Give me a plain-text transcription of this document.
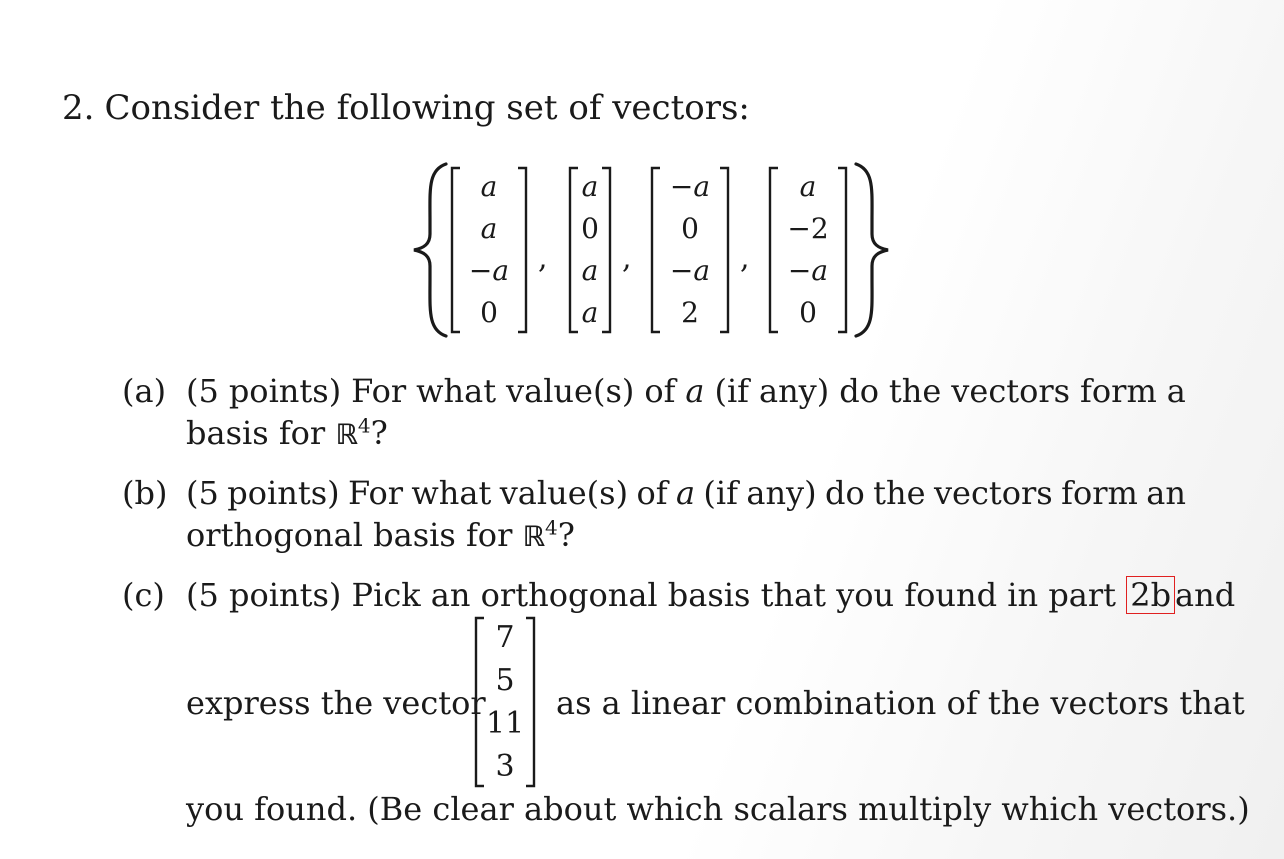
2. Consider the following set of vectors:
a
a
−a
0
,
a
0
a
a
,
−a
0
−a
2
,
a
−2
−a
0
(a) (5 points) For what value(s) of a (if any) do the vectors form a
basis for ℝ$^4$?
(b) (5 points) For what value(s) of a (if any) do the vectors form an
orthogonal basis for ℝ$^4$?
(c) (5 points) Pick an orthogonal basis that you found in part 2b and
express the vector
7
5
11
3
as a linear combination of the vectors that
you found. (Be clear about which scalars multiply which vectors.)
